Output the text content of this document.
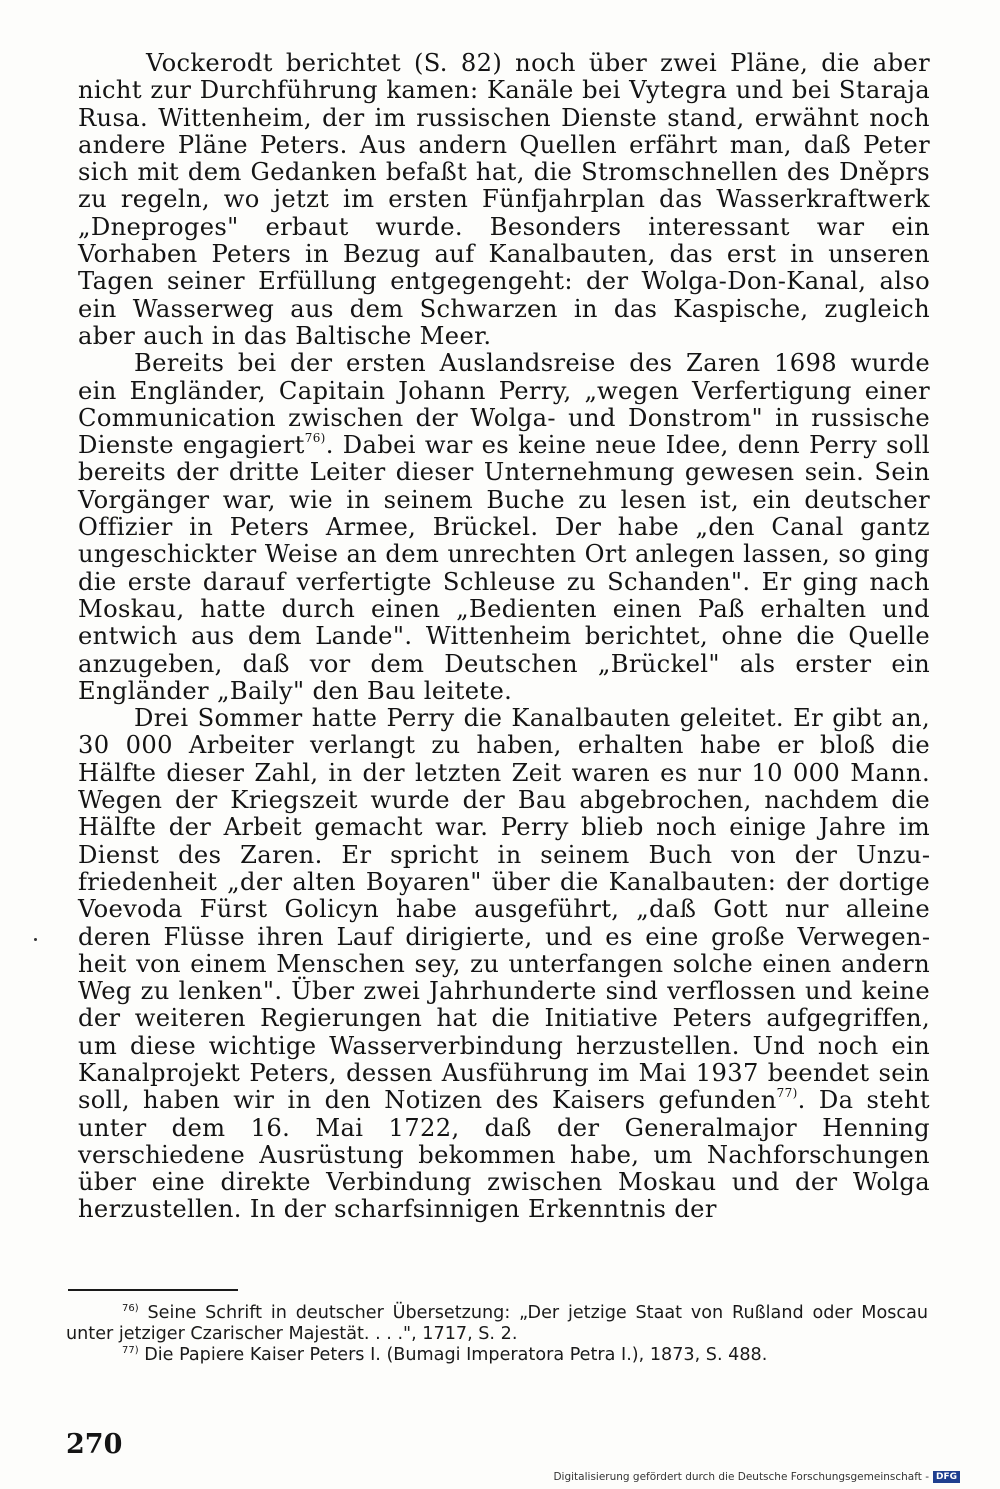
Vockerodt berichtet (S. 82) noch über zwei Pläne, die aber nicht zur Durchführung kamen: Kanäle bei Vytegra und bei Staraja Rusa. Wittenheim, der im russischen Dienste stand, erwähnt noch andere Pläne Peters. Aus andern Quellen erfährt man, daß Peter sich mit dem Gedanken befaßt hat, die Stromschnellen des Dněprs zu regeln, wo jetzt im ersten Fünfjahrplan das Wasserkraftwerk „Dneproges" erbaut wurde. Besonders interessant war ein Vorhaben Peters in Bezug auf Kanalbauten, das erst in unseren Tagen seiner Erfüllung entgegengeht: der Wolga-Don-Kanal, also ein Wasserweg aus dem Schwarzen in das Kaspische, zugleich aber auch in das Baltische Meer.

Bereits bei der ersten Auslandsreise des Zaren 1698 wurde ein Engländer, Capitain Johann Perry, „wegen Verfertigung einer Communication zwischen der Wolga- und Donstrom" in russische Dienste engagiert$^{76)}$. Dabei war es keine neue Idee, denn Perry soll bereits der dritte Leiter dieser Unternehmung gewesen sein. Sein Vorgänger war, wie in seinem Buche zu lesen ist, ein deutscher Offizier in Peters Armee, Brückel. Der habe „den Canal gantz ungeschickter Weise an dem unrechten Ort anlegen lassen, so ging die erste darauf verfertigte Schleuse zu Schanden". Er ging nach Moskau, hatte durch einen „Bedienten einen Paß erhalten und entwich aus dem Lande". Wittenheim berichtet, ohne die Quelle anzugeben, daß vor dem Deutschen „Brückel" als erster ein Engländer „Baily" den Bau leitete.

Drei Sommer hatte Perry die Kanalbauten geleitet. Er gibt an, 30 000 Arbeiter verlangt zu haben, erhalten habe er bloß die Hälfte dieser Zahl, in der letzten Zeit waren es nur 10 000 Mann. Wegen der Kriegszeit wurde der Bau abgebrochen, nachdem die Hälfte der Arbeit gemacht war. Perry blieb noch einige Jahre im Dienst des Zaren. Er spricht in seinem Buch von der Unzufriedenheit „der alten Boyaren" über die Kanalbauten: der dortige Voevoda Fürst Golicyn habe ausgeführt, „daß Gott nur alleine deren Flüsse ihren Lauf dirigierte, und es eine große Verwegenheit von einem Menschen sey, zu unterfangen solche einen andern Weg zu lenken". Über zwei Jahrhunderte sind verflossen und keine der weiteren Regierungen hat die Initiative Peters aufgegriffen, um diese wichtige Wasserverbindung herzustellen. Und noch ein Kanalprojekt Peters, dessen Ausführung im Mai 1937 beendet sein soll, haben wir in den Notizen des Kaisers gefunden$^{77)}$. Da steht unter dem 16. Mai 1722, daß der Generalmajor Henning verschiedene Ausrüstung bekommen habe, um Nachforschungen über eine direkte Verbindung zwischen Moskau und der Wolga herzustellen. In der scharfsinnigen Erkenntnis der

$^{76)}$ Seine Schrift in deutscher Übersetzung: „Der jetzige Staat von Rußland oder Moscau unter jetziger Czarischer Majestät. . . .", 1717, S. 2.

$^{77)}$ Die Papiere Kaiser Peters I. (Bumagi Imperatora Petra I.), 1873, S. 488.

270
Digitalisierung gefördert durch die Deutsche Forschungsgemeinschaft - DFG
